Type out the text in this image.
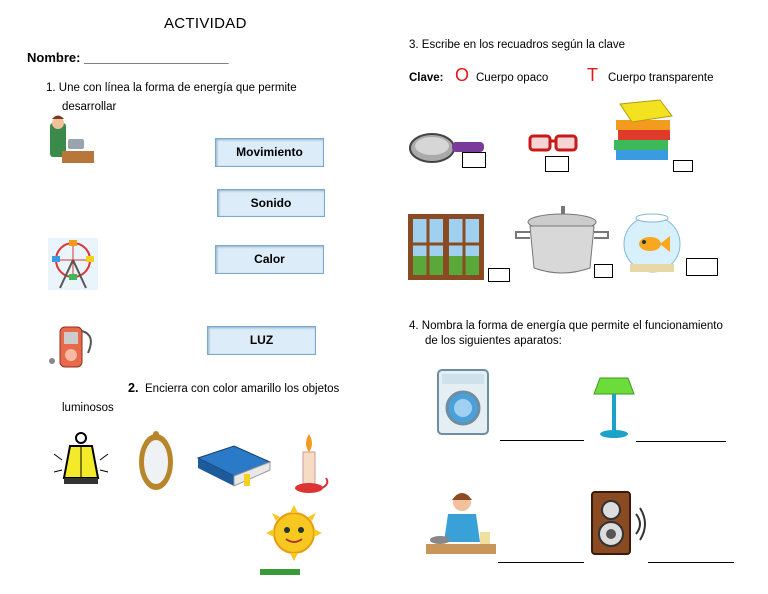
ACTIVIDAD
Nombre: ____________________
1. Une con línea la forma de energía que permite
desarrollar
Movimiento
Sonido
Calor
LUZ
2. Encierra con color amarillo los objetos
luminosos
3. Escribe en los recuadros según la clave
Clave: O Cuerpo opaco T Cuerpo transparente
4. Nombra la forma de energía que permite el funcionamiento
de los siguientes aparatos:
